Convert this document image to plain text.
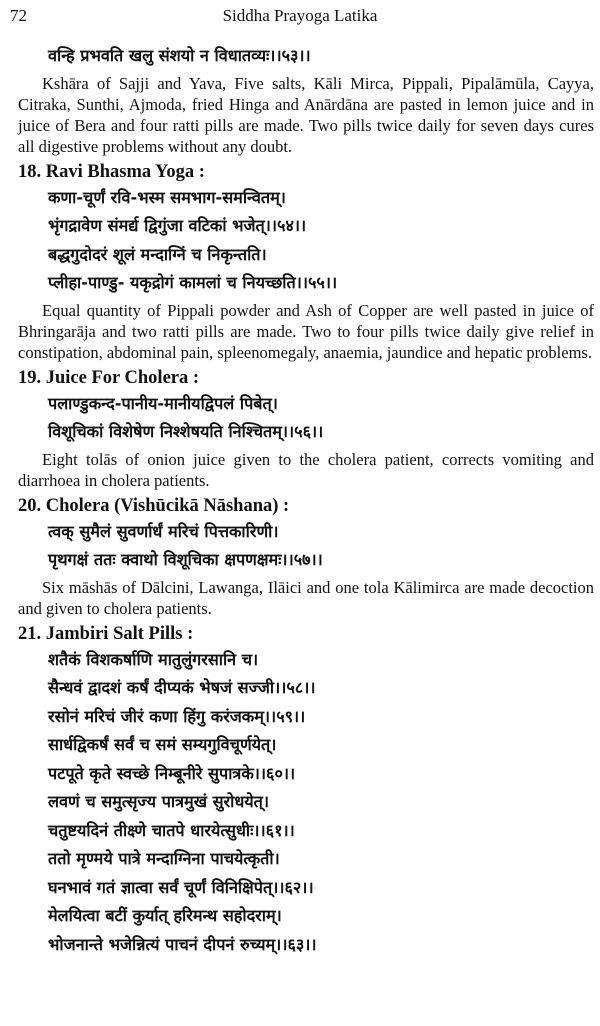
72	Siddha Prayoga Latika
वन्हि प्रभवति खलु संशयो न विधातव्यः।।५३।।

Kshāra of Sajji and Yava, Five salts, Kāli Mirca, Pippali, Pipalāmūla, Cayya, Citraka, Sunthi, Ajmoda, fried Hinga and Anārdāna are pasted in lemon juice and in juice of Bera and four ratti pills are made. Two pills twice daily for seven days cures all digestive problems without any doubt.

18. Ravi Bhasma Yoga :
कणा-चूर्णं रवि-भस्म समभाग-समन्वितम्।
भृंगद्रावेण संमर्द्य द्विगुंजा वटिकां भजेत्।।५४।।
बद्धगुदोदरं शूलं मन्दाग्निं च निकृन्तति।
प्लीहा-पाण्डु- यकृद्रोगं कामलां च नियच्छति।।५५।।

Equal quantity of Pippali powder and Ash of Copper are well pasted in juice of Bhringarāja and two ratti pills are made. Two to four pills twice daily give relief in constipation, abdominal pain, spleenomegaly, anaemia, jaundice and hepatic problems.

19. Juice For Cholera :
पलाण्डुकन्द-पानीय-मानीयद्विपलं पिबेत्।
विशूचिकां विशेषेण निश्शेषयति निश्चितम्।।५६।।

Eight tolās of onion juice given to the cholera patient, corrects vomiting and diarrhoea in cholera patients.

20. Cholera (Vishūcikā Nāshana) :
त्वक् सुमैलं सुवर्णार्धं मरिचं पित्तकारिणी।
पृथगक्षं ततः क्वाथो विशूचिका क्षपणक्षमः।।५७।।

Six māshās of Dālcini, Lawanga, Ilāici and one tola Kālimirca are made decoction and given to cholera patients.

21. Jambiri Salt Pills :
शतैकं विशकर्षाणि मातुलुंगरसानि च।
सैन्धवं द्वादशं कर्षं दीप्यकं भेषजं सज्जी।।५८।।
रसोनं मरिचं जीरं कणा हिंगु करंजकम्।।५९।।
सार्धद्विकर्षं सर्वं च समं सम्यगुविचूर्णयेत्।
पटपूते कृते स्वच्छे निम्बूनीरे सुपात्रके।।६०।।
लवणं च समुत्सृज्य पात्रमुखं सुरोधयेत्।
चतुष्टयदिनं तीक्ष्णे चातपे धारयेत्सुधीः।।६१।।
ततो मृण्मये पात्रे मन्दाग्निना पाचयेत्कृती।
घनभावं गतं ज्ञात्वा सर्वं चूर्णं विनिक्षिपेत्।।६२।।
मेलयित्वा बटीं कुर्यात् हरिमन्थ सहोदराम्।
भोजनान्ते भजेन्नित्यं पाचनं दीपनं रुच्यम्।।६३।।
